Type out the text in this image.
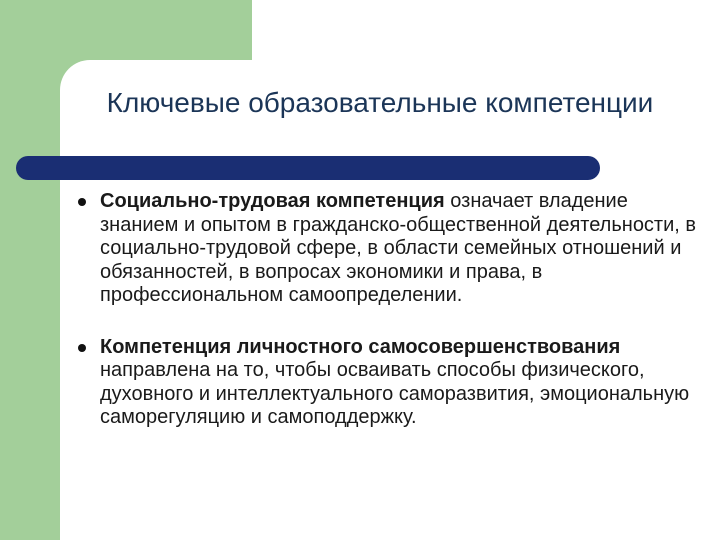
Ключевые образовательные компетенции
Социально-трудовая компетенция означает владение знанием и опытом в гражданско-общественной деятельности, в социально-трудовой сфере, в области семейных отношений и обязанностей, в вопросах экономики и права, в профессиональном самоопределении.
Компетенция личностного самосовершенствования направлена на то, чтобы осваивать способы физического, духовного и интеллектуального саморазвития, эмоциональную саморегуляцию и самоподдержку.
